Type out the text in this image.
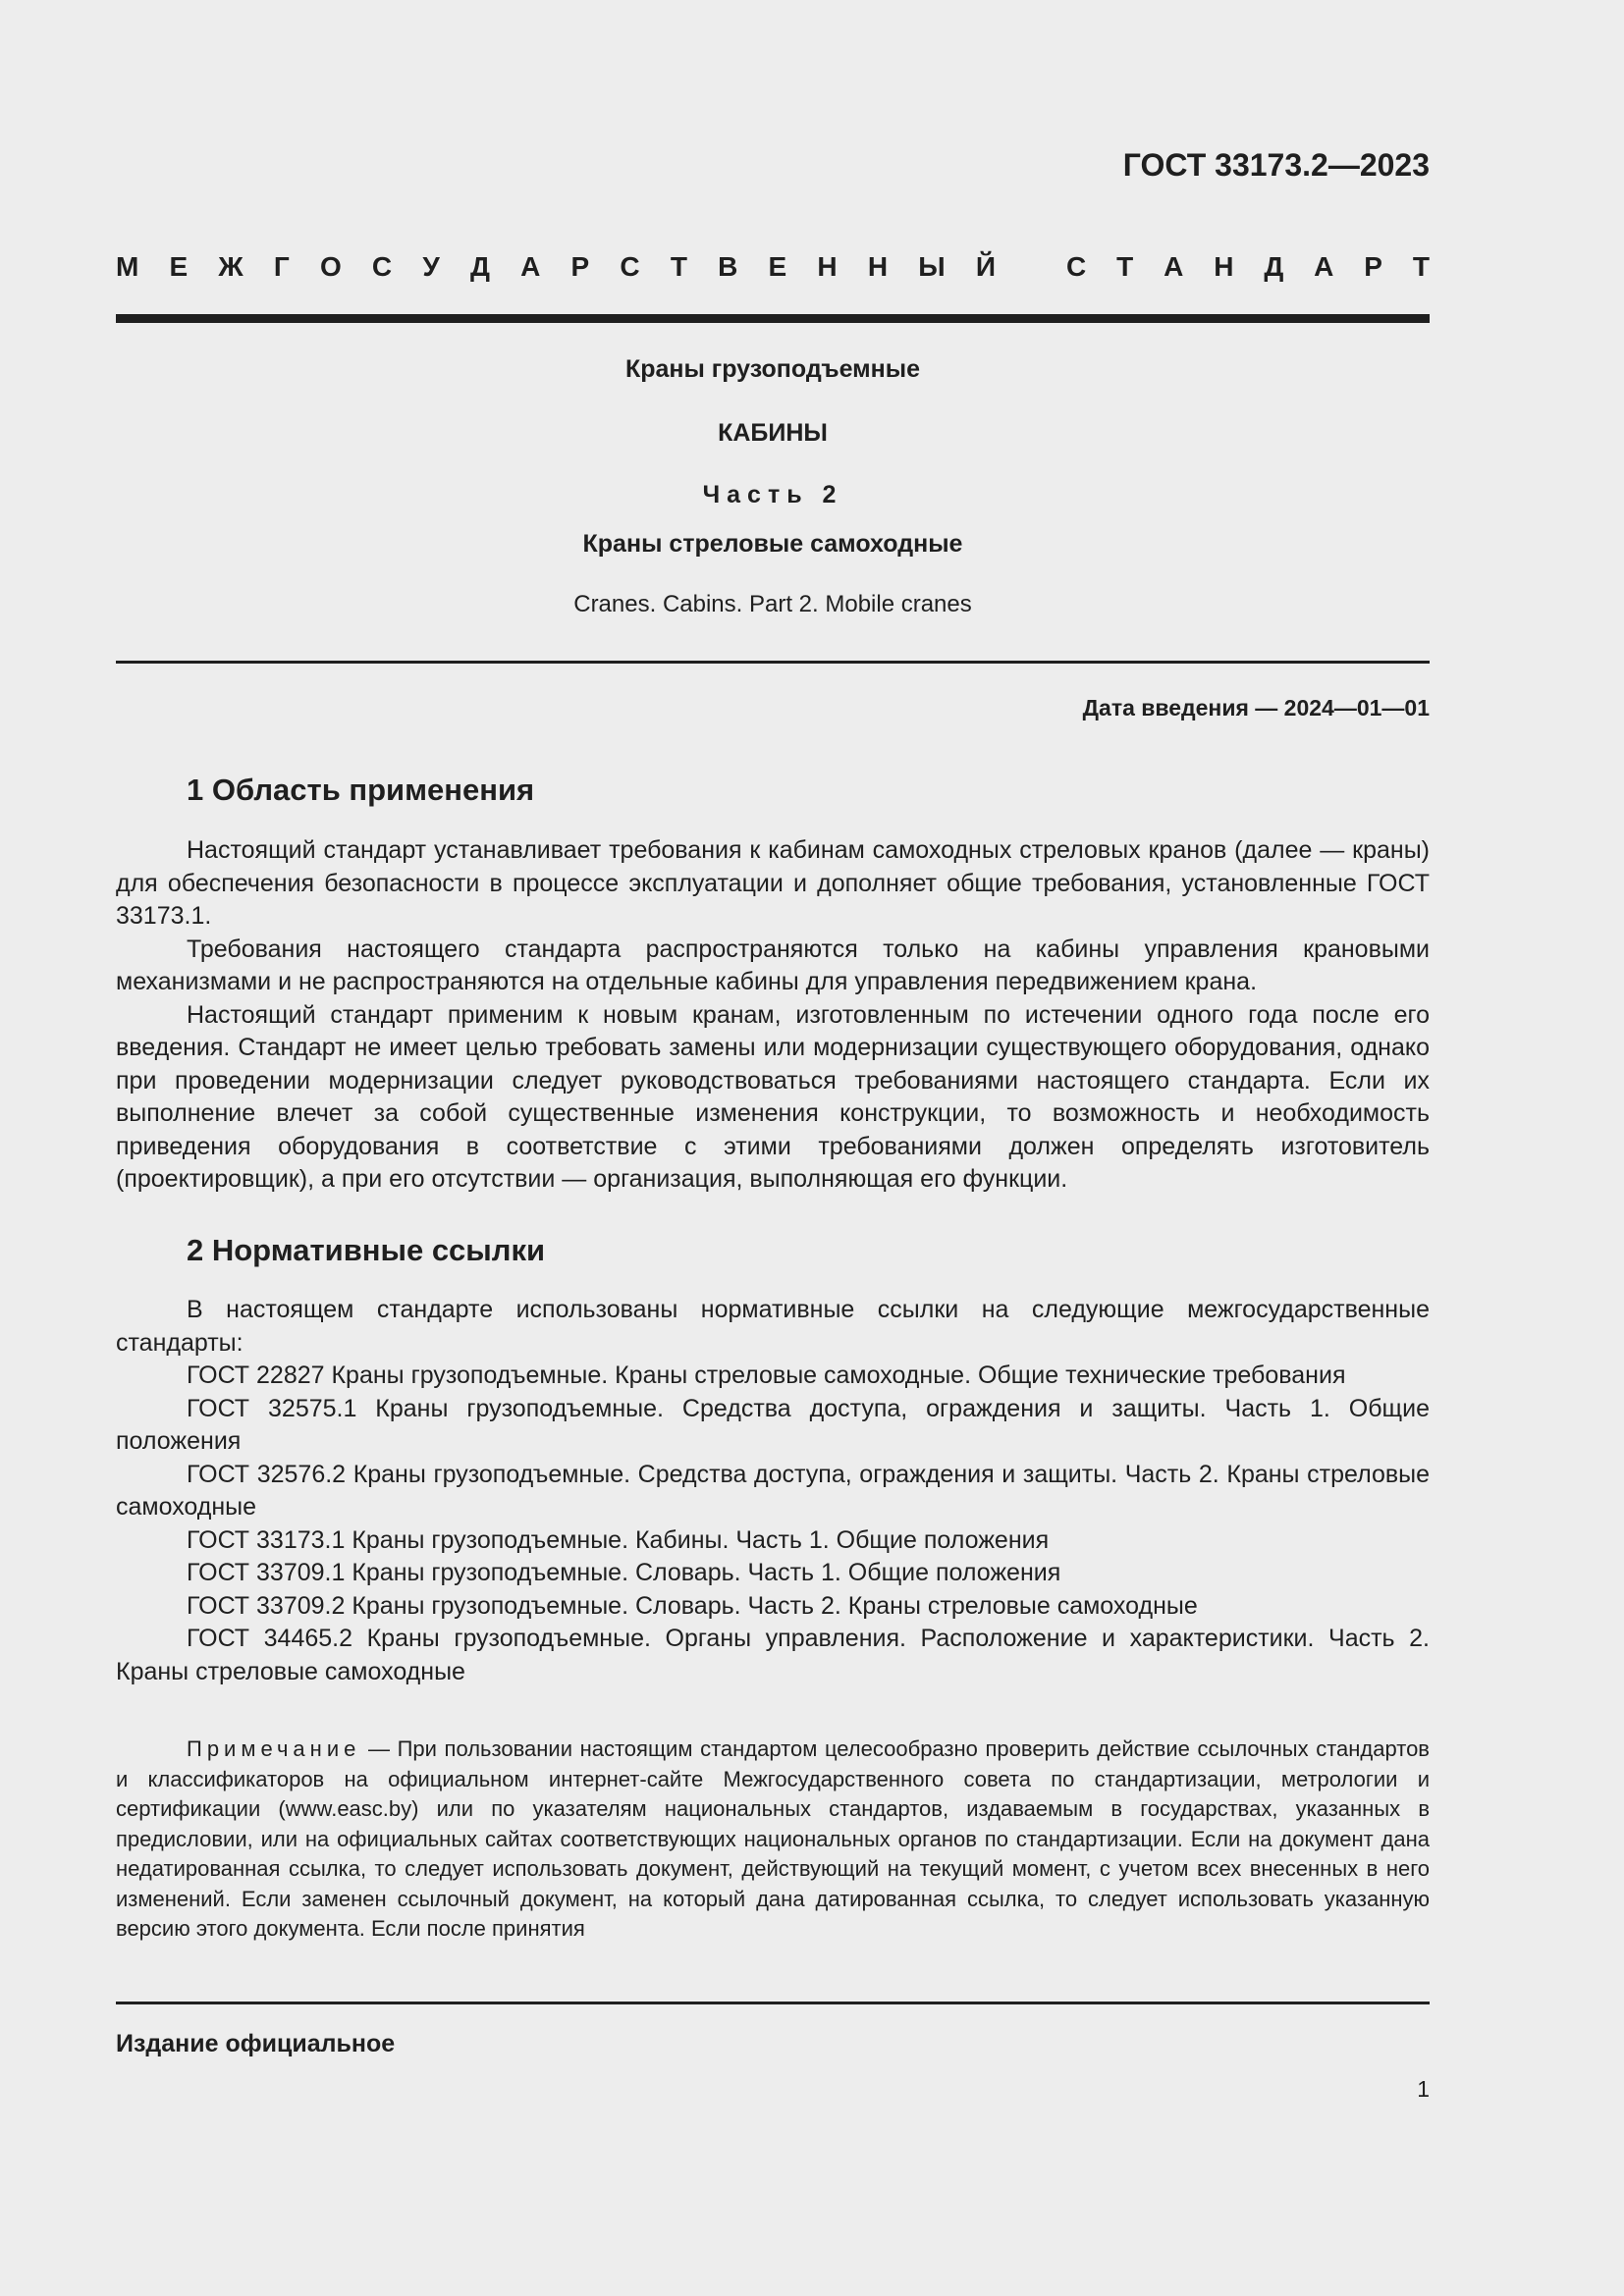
ГОСТ 33173.2—2023
М Е Ж Г О С У Д А Р С Т В Е Н Н Ы Й	С Т А Н Д А Р Т
Краны грузоподъемные
КАБИНЫ
Часть 2
Краны стреловые самоходные
Cranes. Cabins. Part 2. Mobile cranes
Дата введения — 2024—01—01
1 Область применения

Настоящий стандарт устанавливает требования к кабинам самоходных стреловых кранов (далее — краны) для обеспечения безопасности в процессе эксплуатации и дополняет общие требования, установленные ГОСТ 33173.1.

Требования настоящего стандарта распространяются только на кабины управления крановыми механизмами и не распространяются на отдельные кабины для управления передвижением крана.

Настоящий стандарт применим к новым кранам, изготовленным по истечении одного года после его введения. Стандарт не имеет целью требовать замены или модернизации существующего оборудования, однако при проведении модернизации следует руководствоваться требованиями настоящего стандарта. Если их выполнение влечет за собой существенные изменения конструкции, то возможность и необходимость приведения оборудования в соответствие с этими требованиями должен определять изготовитель (проектировщик), а при его отсутствии — организация, выполняющая его функции.

2 Нормативные ссылки

В настоящем стандарте использованы нормативные ссылки на следующие межгосударственные стандарты:

ГОСТ 22827 Краны грузоподъемные. Краны стреловые самоходные. Общие технические требования

ГОСТ 32575.1 Краны грузоподъемные. Средства доступа, ограждения и защиты. Часть 1. Общие положения

ГОСТ 32576.2 Краны грузоподъемные. Средства доступа, ограждения и защиты. Часть 2. Краны стреловые самоходные

ГОСТ 33173.1 Краны грузоподъемные. Кабины. Часть 1. Общие положения

ГОСТ 33709.1 Краны грузоподъемные. Словарь. Часть 1. Общие положения

ГОСТ 33709.2 Краны грузоподъемные. Словарь. Часть 2. Краны стреловые самоходные

ГОСТ 34465.2 Краны грузоподъемные. Органы управления. Расположение и характеристики. Часть 2. Краны стреловые самоходные

Примечание — При пользовании настоящим стандартом целесообразно проверить действие ссылочных стандартов и классификаторов на официальном интернет-сайте Межгосударственного совета по стандартизации, метрологии и сертификации (www.easc.by) или по указателям национальных стандартов, издаваемым в государствах, указанных в предисловии, или на официальных сайтах соответствующих национальных органов по стандартизации. Если на документ дана недатированная ссылка, то следует использовать документ, действующий на текущий момент, с учетом всех внесенных в него изменений. Если заменен ссылочный документ, на который дана датированная ссылка, то следует использовать указанную версию этого документа. Если после принятия
Издание официальное
1
